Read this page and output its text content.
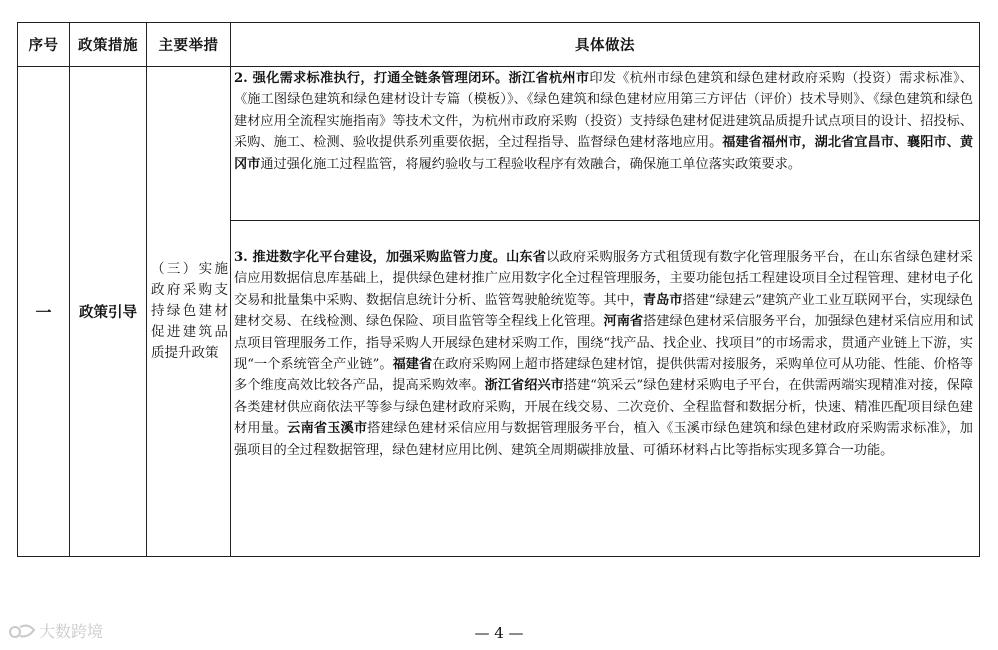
序号	政策措施	主要举措	具体做法
一	政策引导	（三）实施政府采购支持绿色建材促进建筑品质提升政策	2. 强化需求标准执行，打通全链条管理闭环。浙江省杭州市印发《杭州市绿色建筑和绿色建材政府采购（投资）需求标准》、《施工图绿色建筑和绿色建材设计专篇（模板）》、《绿色建筑和绿色建材应用第三方评估（评价）技术导则》、《绿色建筑和绿色建材应用全流程实施指南》等技术文件，为杭州市政府采购（投资）支持绿色建材促进建筑品质提升试点项目的设计、招投标、采购、施工、检测、验收提供系列重要依据，全过程指导、监督绿色建材落地应用。福建省福州市，湖北省宜昌市、襄阳市、黄冈市通过强化施工过程监管，将履约验收与工程验收程序有效融合，确保施工单位落实政策要求。
3. 推进数字化平台建设，加强采购监管力度。山东省以政府采购服务方式租赁现有数字化管理服务平台，在山东省绿色建材采信应用数据信息库基础上，提供绿色建材推广应用数字化全过程管理服务，主要功能包括工程建设项目全过程管理、建材电子化交易和批量集中采购、数据信息统计分析、监管驾驶舱统览等。其中，青岛市搭建“绿建云”建筑产业工业互联网平台，实现绿色建材交易、在线检测、绿色保险、项目监管等全程线上化管理。河南省搭建绿色建材采信服务平台，加强绿色建材采信应用和试点项目管理服务工作，指导采购人开展绿色建材采购工作，围绕“找产品、找企业、找项目”的市场需求，贯通产业链上下游，实现“一个系统管全产业链”。福建省在政府采购网上超市搭建绿色建材馆，提供供需对接服务，采购单位可从功能、性能、价格等多个维度高效比较各产品，提高采购效率。浙江省绍兴市搭建“筑采云”绿色建材采购电子平台，在供需两端实现精准对接，保障各类建材供应商依法平等参与绿色建材政府采购，开展在线交易、二次竞价、全程监督和数据分析，快速、精准匹配项目绿色建材用量。云南省玉溪市搭建绿色建材采信应用与数据管理服务平台，植入《玉溪市绿色建筑和绿色建材政府采购需求标准》，加强项目的全过程数据管理，绿色建材应用比例、建筑全周期碳排放量、可循环材料占比等指标实现多算合一功能。
大数跨境	— 4 —
